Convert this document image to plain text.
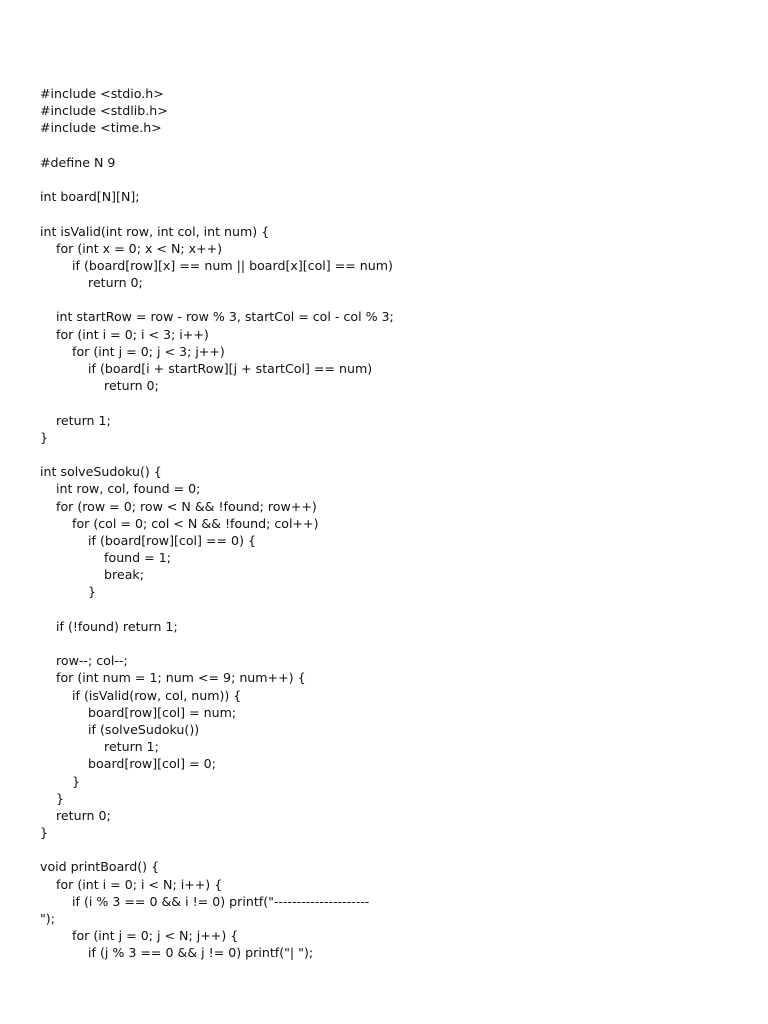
#include <stdio.h>
#include <stdlib.h>
#include <time.h>
#define N 9
int board[N][N];
int isValid(int row, int col, int num) {
for (int x = 0; x < N; x++)
if (board[row][x] == num || board[x][col] == num)
return 0;
int startRow = row - row % 3, startCol = col - col % 3;
for (int i = 0; i < 3; i++)
for (int j = 0; j < 3; j++)
if (board[i + startRow][j + startCol] == num)
return 0;
return 1;
}
int solveSudoku() {
int row, col, found = 0;
for (row = 0; row < N && !found; row++)
for (col = 0; col < N && !found; col++)
if (board[row][col] == 0) {
found = 1;
break;
}
if (!found) return 1;
row--; col--;
for (int num = 1; num <= 9; num++) {
if (isValid(row, col, num)) {
board[row][col] = num;
if (solveSudoku())
return 1;
board[row][col] = 0;
}
}
return 0;
}
void printBoard() {
for (int i = 0; i < N; i++) {
if (i % 3 == 0 && i != 0) printf("---------------------
");
for (int j = 0; j < N; j++) {
if (j % 3 == 0 && j != 0) printf("| ");
